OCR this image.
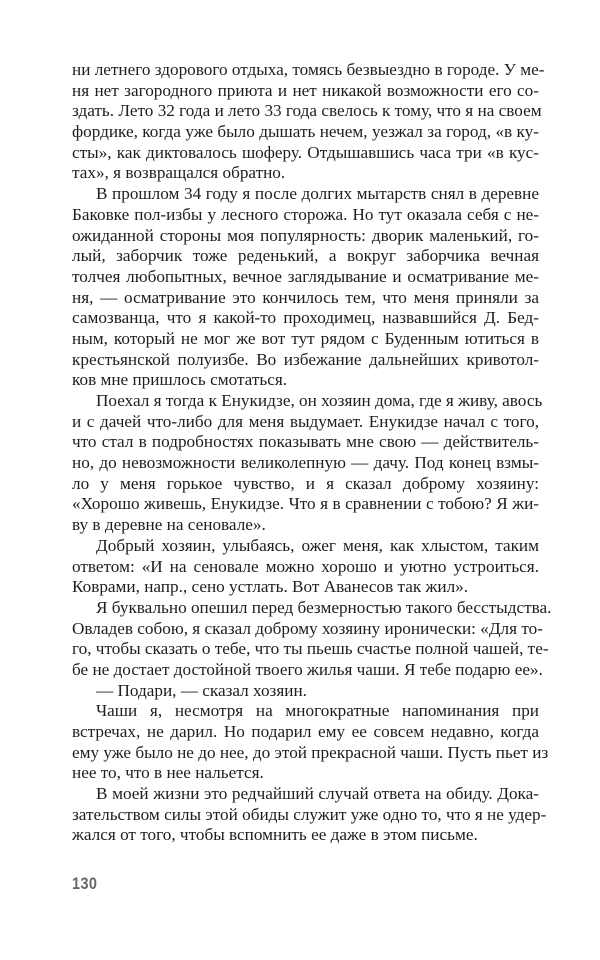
ни летнего здорового отдыха, томясь безвыездно в городе. У ме-
ня нет загородного приюта и нет никакой возможности его со-
здать. Лето 32 года и лето 33 года свелось к тому, что я на своем
фордике, когда уже было дышать нечем, уезжал за город, «в ку-
сты», как диктовалось шоферу. Отдышавшись часа три «в кус-
тах», я возвращался обратно.
В прошлом 34 году я после долгих мытарств снял в деревне
Баковке пол-избы у лесного сторожа. Но тут оказала себя с не-
ожиданной стороны моя популярность: дворик маленький, го-
лый, заборчик тоже реденький, а вокруг заборчика вечная
толчея любопытных, вечное заглядывание и осматривание ме-
ня, — осматривание это кончилось тем, что меня приняли за
самозванца, что я какой-то проходимец, назвавшийся Д. Бед-
ным, который не мог же вот тут рядом с Буденным ютиться в
крестьянской полуизбе. Во избежание дальнейших кривотол-
ков мне пришлось смотаться.
Поехал я тогда к Енукидзе, он хозяин дома, где я живу, авось
и с дачей что-либо для меня выдумает. Енукидзе начал с того,
что стал в подробностях показывать мне свою — действитель-
но, до невозможности великолепную — дачу. Под конец взмы-
ло у меня горькое чувство, и я сказал доброму хозяину:
«Хорошо живешь, Енукидзе. Что я в сравнении с тобою? Я жи-
ву в деревне на сеновале».
Добрый хозяин, улыбаясь, ожег меня, как хлыстом, таким
ответом: «И на сеновале можно хорошо и уютно устроиться.
Коврами, напр., сено устлать. Вот Аванесов так жил».
Я буквально опешил перед безмерностью такого бесстыдства.
Овладев собою, я сказал доброму хозяину иронически: «Для то-
го, чтобы сказать о тебе, что ты пьешь счастье полной чашей, те-
бе не достает достойной твоего жилья чаши. Я тебе подарю ее».
— Подари, — сказал хозяин.
Чаши я, несмотря на многократные напоминания при
встречах, не дарил. Но подарил ему ее совсем недавно, когда
ему уже было не до нее, до этой прекрасной чаши. Пусть пьет из
нее то, что в нее нальется.
В моей жизни это редчайший случай ответа на обиду. Дока-
зательством силы этой обиды служит уже одно то, что я не удер-
жался от того, чтобы вспомнить ее даже в этом письме.
130
